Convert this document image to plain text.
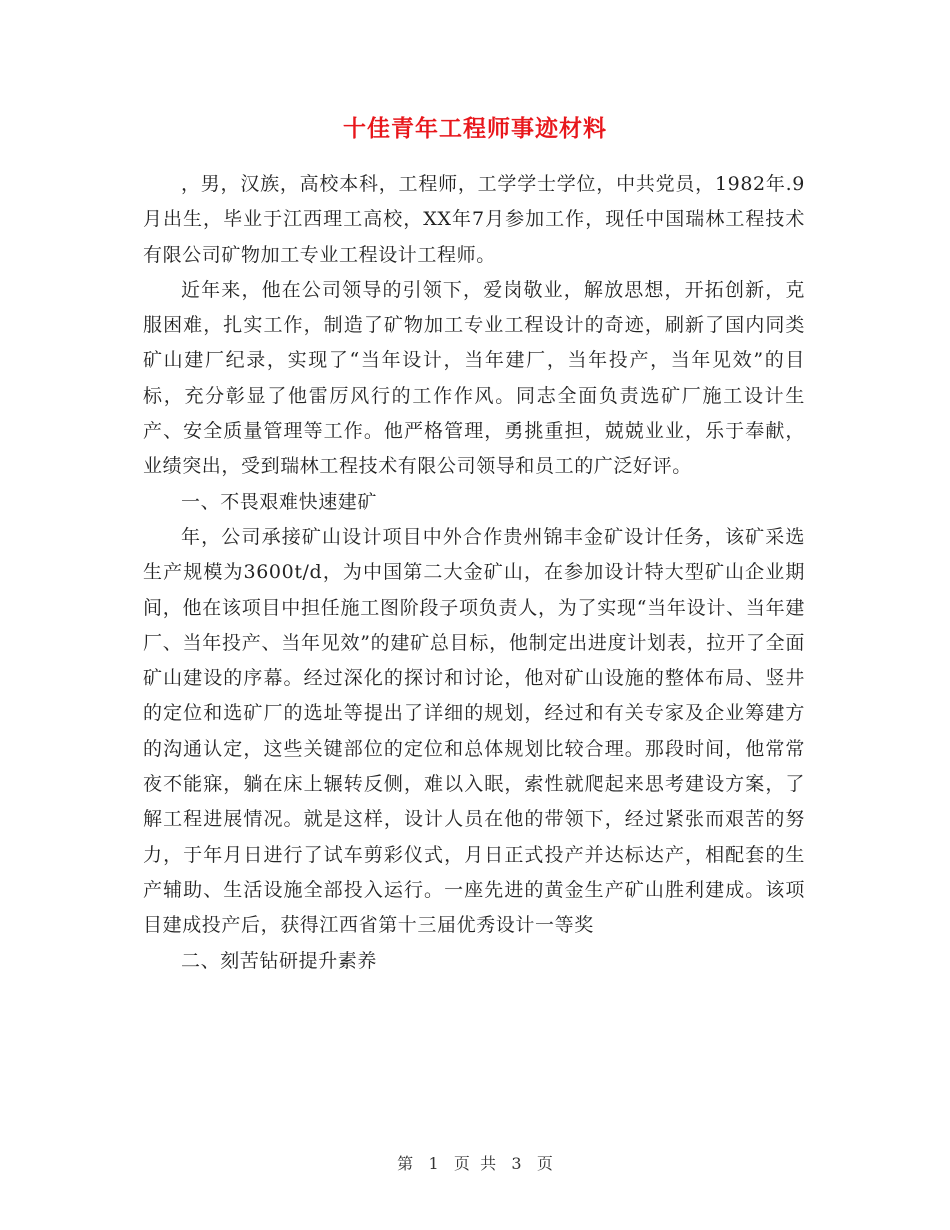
十佳青年工程师事迹材料

，男，汉族，高校本科，工程师，工学学士学位，中共党员，1982年.9月出生，毕业于江西理工高校，XX年7月参加工作，现任中国瑞林工程技术有限公司矿物加工专业工程设计工程师。

近年来，他在公司领导的引领下，爱岗敬业，解放思想，开拓创新，克服困难，扎实工作，制造了矿物加工专业工程设计的奇迹，刷新了国内同类矿山建厂纪录，实现了“当年设计，当年建厂，当年投产，当年见效”的目标，充分彰显了他雷厉风行的工作作风。同志全面负责选矿厂施工设计生产、安全质量管理等工作。他严格管理，勇挑重担，兢兢业业，乐于奉献，业绩突出，受到瑞林工程技术有限公司领导和员工的广泛好评。

一、不畏艰难快速建矿

年，公司承接矿山设计项目中外合作贵州锦丰金矿设计任务，该矿采选生产规模为3600t/d，为中国第二大金矿山，在参加设计特大型矿山企业期间，他在该项目中担任施工图阶段子项负责人，为了实现“当年设计、当年建厂、当年投产、当年见效”的建矿总目标，他制定出进度计划表，拉开了全面矿山建设的序幕。经过深化的探讨和讨论，他对矿山设施的整体布局、竖井的定位和选矿厂的选址等提出了详细的规划，经过和有关专家及企业筹建方的沟通认定，这些关键部位的定位和总体规划比较合理。那段时间，他常常夜不能寐，躺在床上辗转反侧，难以入眠，索性就爬起来思考建设方案，了解工程进展情况。就是这样，设计人员在他的带领下，经过紧张而艰苦的努力，于年月日进行了试车剪彩仪式，月日正式投产并达标达产，相配套的生产辅助、生活设施全部投入运行。一座先进的黄金生产矿山胜利建成。该项目建成投产后，获得江西省第十三届优秀设计一等奖

二、刻苦钻研提升素养

第 1 页  共 3 页
